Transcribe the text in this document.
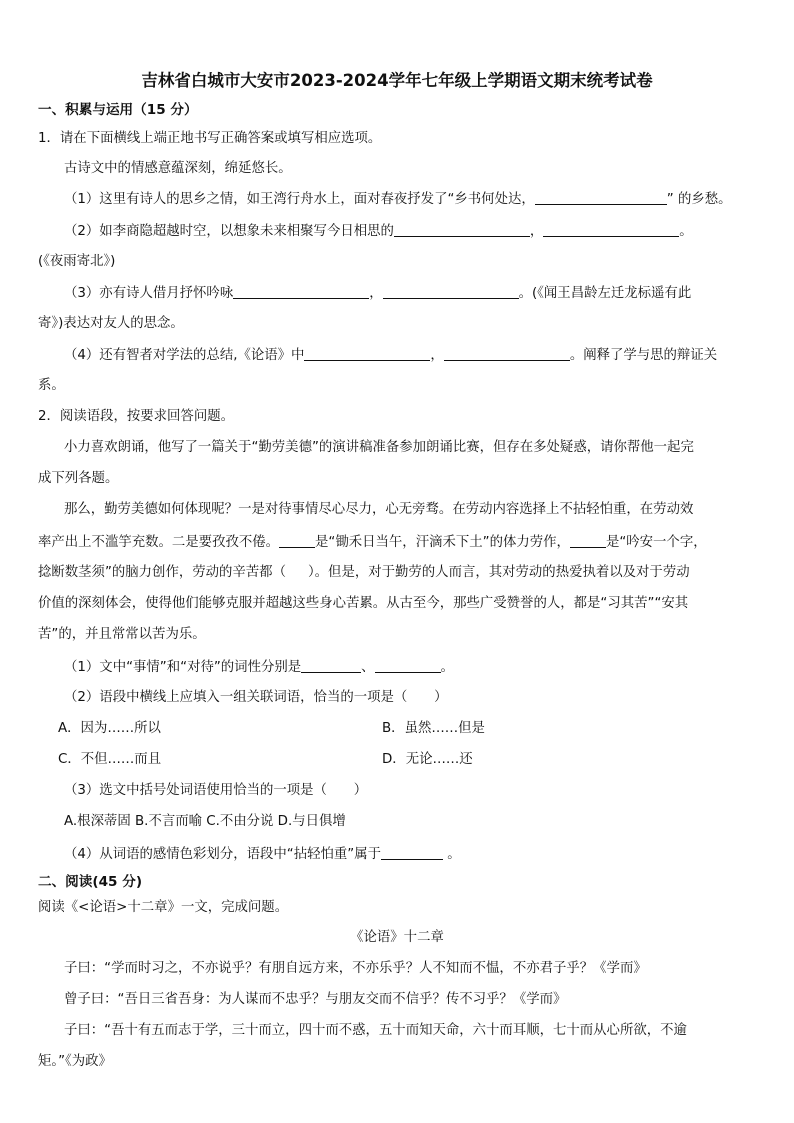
吉林省白城市大安市2023-2024学年七年级上学期语文期末统考试卷
一、积累与运用（15 分）
1．请在下面横线上端正地书写正确答案或填写相应选项。
古诗文中的情感意蕴深刻，绵延悠长。
（1）这里有诗人的思乡之情，如王湾行舟水上，面对春夜抒发了“乡书何处达，	” 的乡愁。
（2）如李商隐超越时空，以想象未来相聚写今日相思的	，	。
(《夜雨寄北》)
（3）亦有诗人借月抒怀吟咏	，	。(《闻王昌龄左迁龙标遥有此
寄》)表达对友人的思念。
（4）还有智者对学法的总结,《论语》中	，	。阐释了学与思的辩证关
系。
2．阅读语段，按要求回答问题。
小力喜欢朗诵，他写了一篇关于“勤劳美德”的演讲稿准备参加朗诵比赛，但存在多处疑惑，请你帮他一起完
成下列各题。
那么，勤劳美德如何体现呢？一是对待事情尽心尽力，心无旁骛。在劳动内容选择上不拈轻怕重，在劳动效
率产出上不滥竽充数。二是要孜孜不倦。	是“锄禾日当午，汗滴禾下土”的体力劳作，	是“吟安一个字，
捻断数茎须”的脑力创作，劳动的辛苦都（ ）。但是，对于勤劳的人而言，其对劳动的热爱执着以及对于劳动
价值的深刻体会，使得他们能够克服并超越这些身心苦累。从古至今，那些广受赞誉的人，都是“习其苦”“安其
苦”的，并且常常以苦为乐。
（1）文中“事情”和“对待”的词性分别是	、	。
（2）语段中横线上应填入一组关联词语，恰当的一项是（　　）
A．因为……所以	B．虽然……但是
C．不但……而且	D．无论……还
（3）选文中括号处词语使用恰当的一项是（　　）
A.根深蒂固 B.不言而喻 C.不由分说 D.与日俱增
（4）从词语的感情色彩划分，语段中“拈轻怕重”属于	。
二、阅读(45 分)
阅读《<论语>十二章》一文，完成问题。
《论语》十二章
子曰：“学而时习之，不亦说乎？有朋自远方来，不亦乐乎？人不知而不愠，不亦君子乎？《学而》
曾子曰：“吾日三省吾身：为人谋而不忠乎？与朋友交而不信乎？传不习乎？《学而》
子曰：“吾十有五而志于学，三十而立，四十而不惑，五十而知天命，六十而耳顺，七十而从心所欲，不逾
矩。”《为政》
